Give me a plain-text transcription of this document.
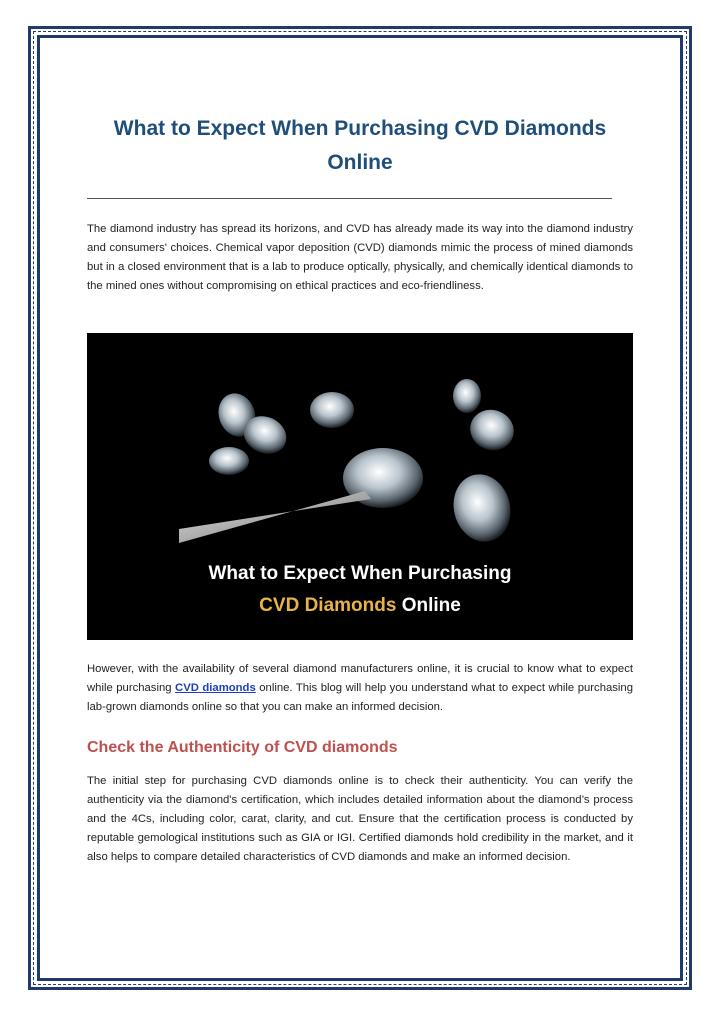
What to Expect When Purchasing CVD Diamonds Online

The diamond industry has spread its horizons, and CVD has already made its way into the diamond industry and consumers' choices. Chemical vapor deposition (CVD) diamonds mimic the process of mined diamonds but in a closed environment that is a lab to produce optically, physically, and chemically identical diamonds to the mined ones without compromising on ethical practices and eco-friendliness.

What to Expect When Purchasing
CVD Diamonds Online

However, with the availability of several diamond manufacturers online, it is crucial to know what to expect while purchasing CVD diamonds online. This blog will help you understand what to expect while purchasing lab-grown diamonds online so that you can make an informed decision.

Check the Authenticity of CVD diamonds

The initial step for purchasing CVD diamonds online is to check their authenticity. You can verify the authenticity via the diamond's certification, which includes detailed information about the diamond’s process and the 4Cs, including color, carat, clarity, and cut. Ensure that the certification process is conducted by reputable gemological institutions such as GIA or IGI. Certified diamonds hold credibility in the market, and it also helps to compare detailed characteristics of CVD diamonds and make an informed decision.
